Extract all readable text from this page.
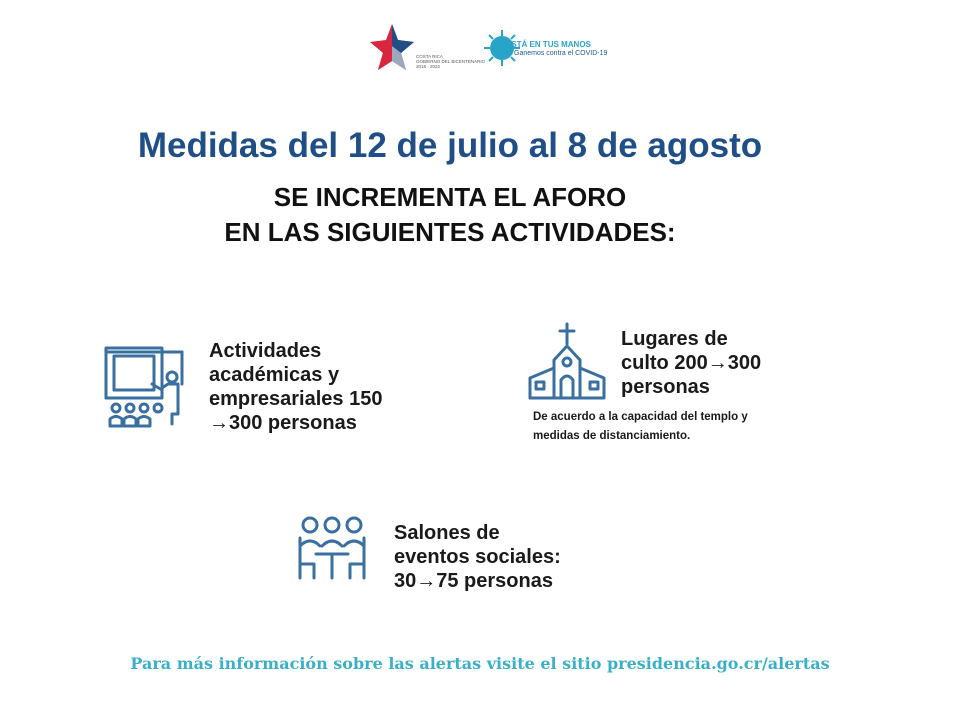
COSTA RICA
GOBIERNO DEL BICENTENARIO
2018 · 2022
ESTÁ EN TUS MANOS
Ganemos contra el COVID-19
Medidas del 12 de julio al 8 de agosto
SE INCREMENTA EL AFORO
EN LAS SIGUIENTES ACTIVIDADES:
Actividades
académicas y
empresariales 150
→300 personas
Lugares de
culto 200→300
personas
De acuerdo a la capacidad del templo y
medidas de distanciamiento.
Salones de
eventos sociales:
30→75 personas
Para más información sobre las alertas visite el sitio presidencia.go.cr/alertas
